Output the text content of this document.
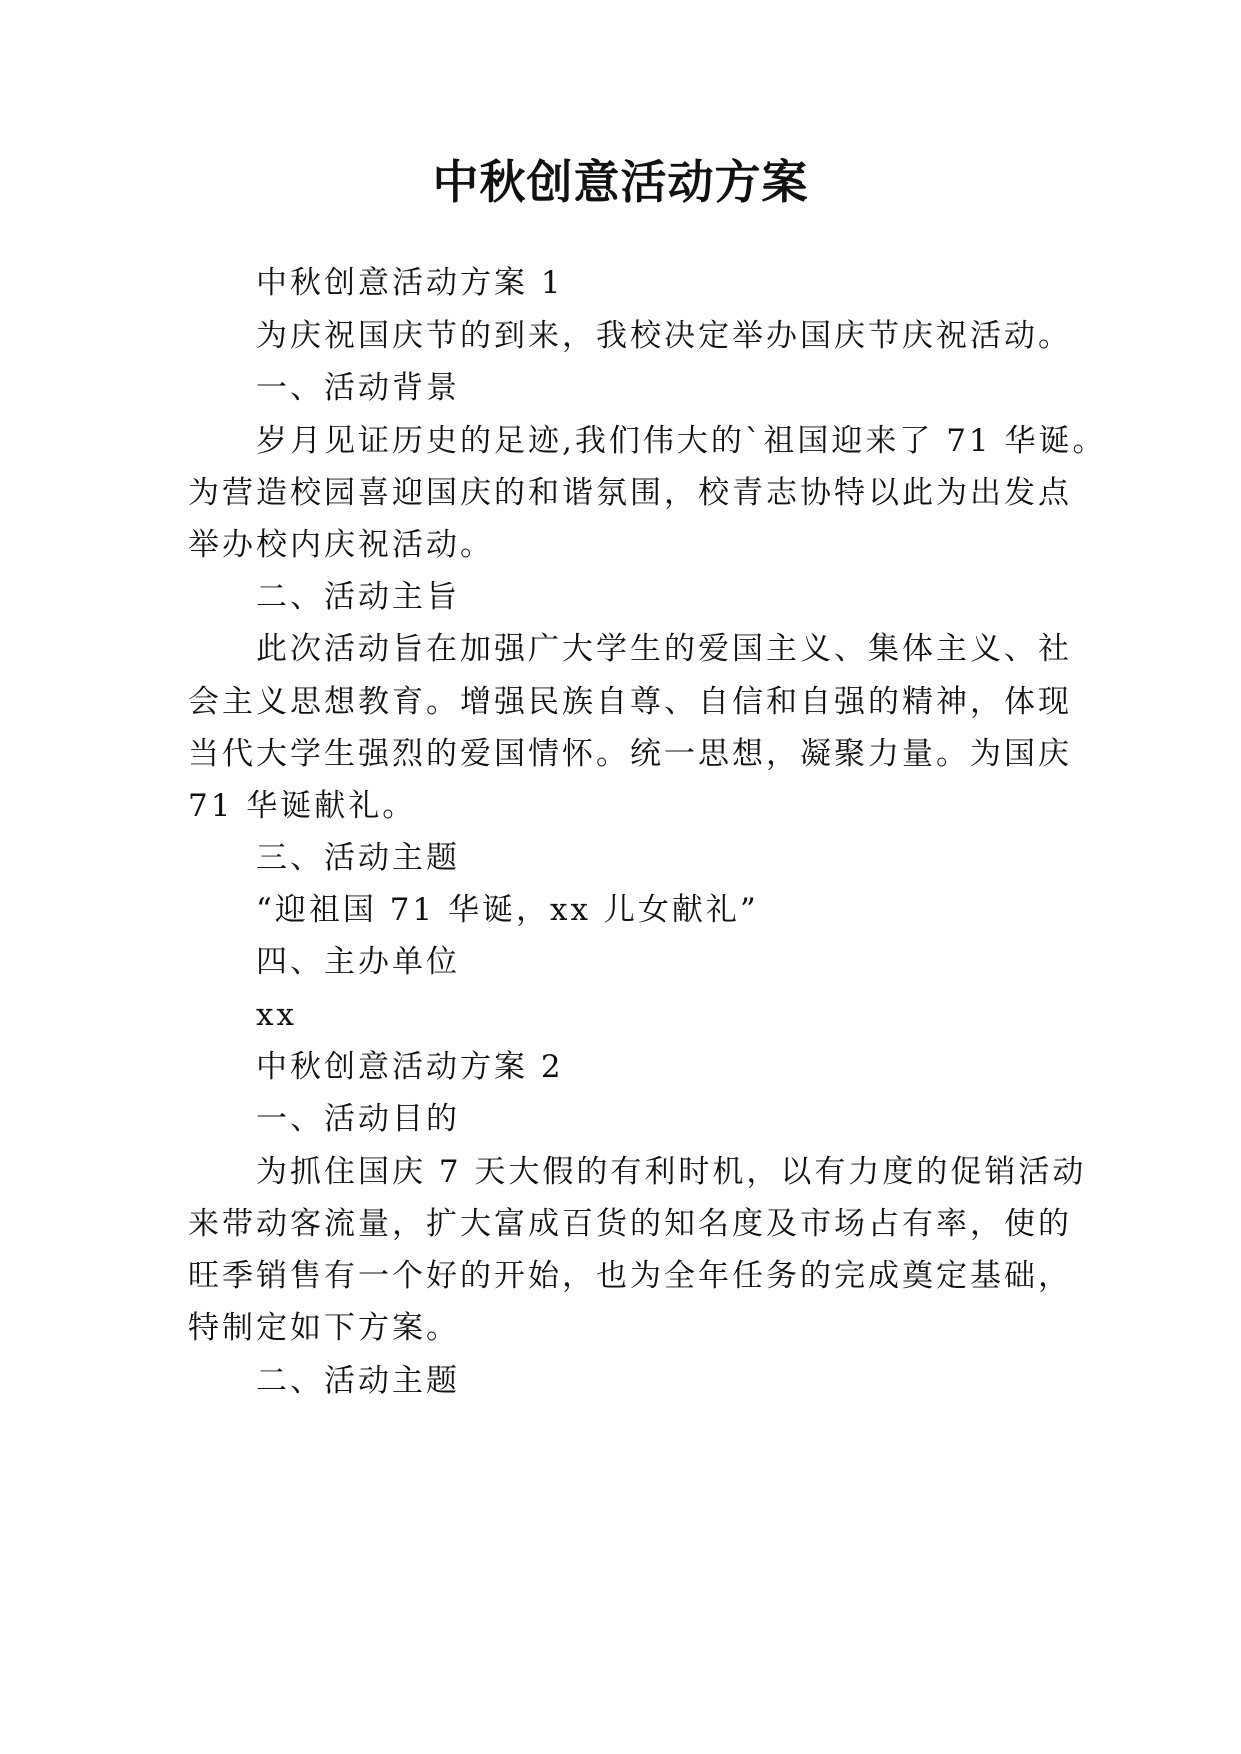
中秋创意活动方案

中秋创意活动方案 1

为庆祝国庆节的到来，我校决定举办国庆节庆祝活动。

一、活动背景

岁月见证历史的足迹,我们伟大的`祖国迎来了 71 华诞。

为营造校园喜迎国庆的和谐氛围，校青志协特以此为出发点

举办校内庆祝活动。

二、活动主旨

此次活动旨在加强广大学生的爱国主义、集体主义、社

会主义思想教育。增强民族自尊、自信和自强的精神，体现

当代大学生强烈的爱国情怀。统一思想，凝聚力量。为国庆

71 华诞献礼。

三、活动主题

“迎祖国 71 华诞，xx 儿女献礼”

四、主办单位

xx

中秋创意活动方案 2

一、活动目的

为抓住国庆 7 天大假的有利时机，以有力度的促销活动

来带动客流量，扩大富成百货的知名度及市场占有率，使的

旺季销售有一个好的开始，也为全年任务的完成奠定基础，

特制定如下方案。

二、活动主题
